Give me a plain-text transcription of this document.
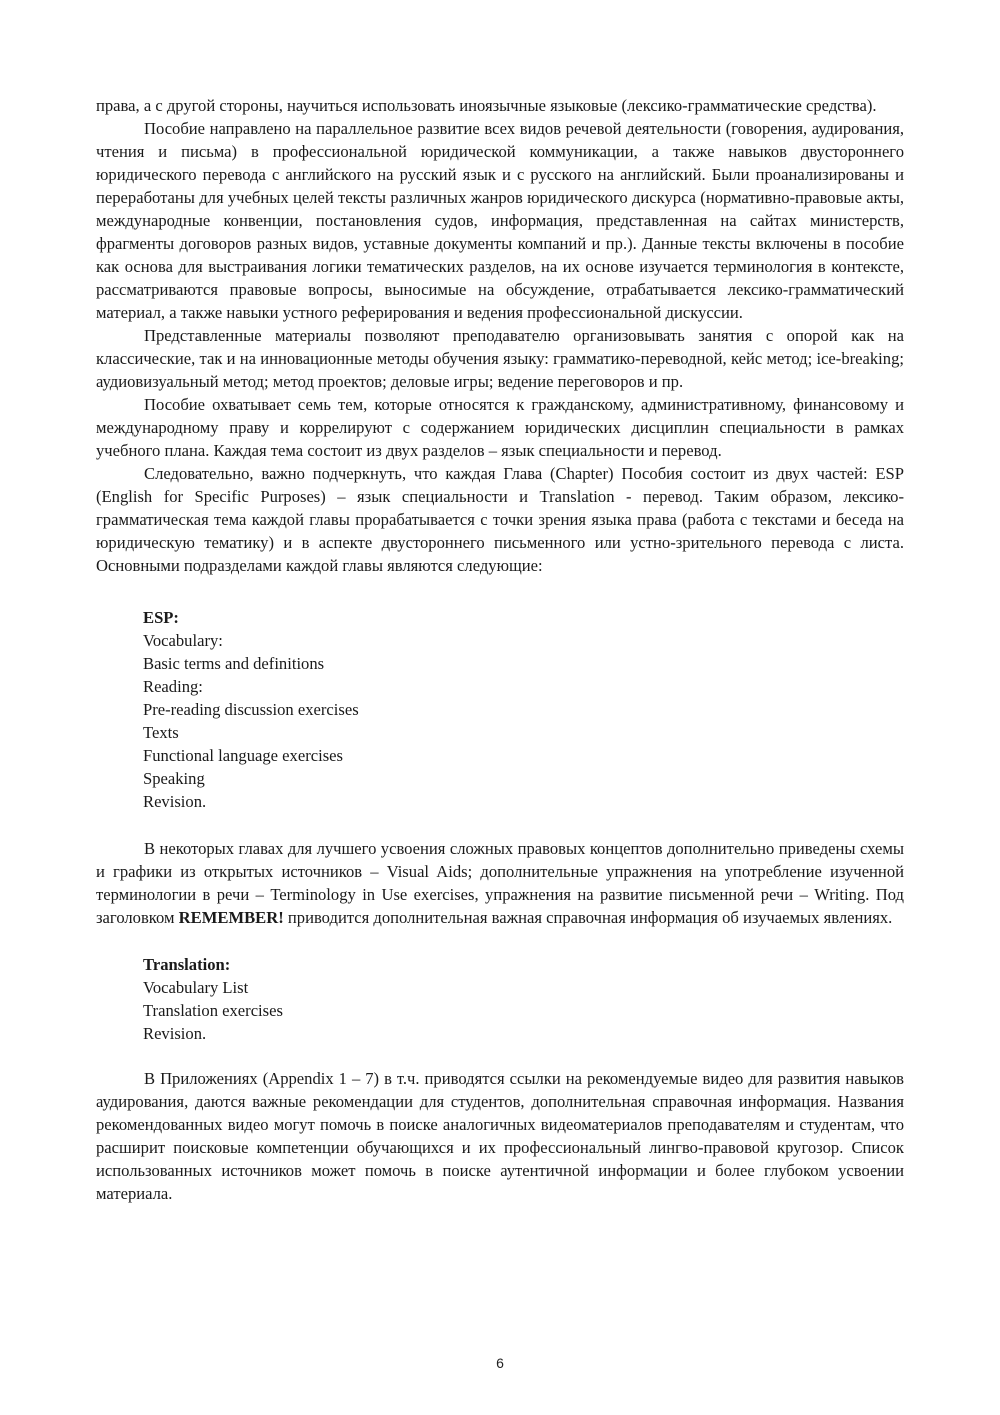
права, а с другой стороны, научиться использовать иноязычные языковые (лексико-грамматические средства).

Пособие направлено на параллельное развитие всех видов речевой деятельности (говорения, аудирования, чтения и письма) в профессиональной юридической коммуникации, а также навыков двустороннего юридического перевода с английского на русский язык и с русского на английский. Были проанализированы и переработаны для учебных целей тексты различных жанров юридического дискурса (нормативно-правовые акты, международные конвенции, постановления судов, информация, представленная на сайтах министерств, фрагменты договоров разных видов, уставные документы компаний и пр.). Данные тексты включены в пособие как основа для выстраивания логики тематических разделов, на их основе изучается терминология в контексте, рассматриваются правовые вопросы, выносимые на обсуждение, отрабатывается лексико-грамматический материал, а также навыки устного реферирования и ведения профессиональной дискуссии.

Представленные материалы позволяют преподавателю организовывать занятия с опорой как на классические, так и на инновационные методы обучения языку: грамматико-переводной, кейс метод; ice-breaking; аудиовизуальный метод; метод проектов; деловые игры; ведение переговоров и пр.

Пособие охватывает семь тем, которые относятся к гражданскому, административному, финансовому и международному праву и коррелируют с содержанием юридических дисциплин специальности в рамках учебного плана. Каждая тема состоит из двух разделов – язык специальности и перевод.

Следовательно, важно подчеркнуть, что каждая Глава (Chapter) Пособия состоит из двух частей: ESP (English for Specific Purposes) – язык специальности и Translation - перевод. Таким образом, лексико-грамматическая тема каждой главы прорабатывается с точки зрения языка права (работа с текстами и беседа на юридическую тематику) и в аспекте двустороннего письменного или устно-зрительного перевода с листа. Основными подразделами каждой главы являются следующие:

ESP:
Vocabulary:
Basic terms and definitions
Reading:
Pre-reading discussion exercises
Texts
Functional language exercises
Speaking
Revision.

В некоторых главах для лучшего усвоения сложных правовых концептов дополнительно приведены схемы и графики из открытых источников – Visual Aids; дополнительные упражнения на употребление изученной терминологии в речи – Terminology in Use exercises, упражнения на развитие письменной речи – Writing. Под заголовком REMEMBER! приводится дополнительная важная справочная информация об изучаемых явлениях.

Translation:
Vocabulary List
Translation exercises
Revision.

В Приложениях (Appendix 1 – 7) в т.ч. приводятся ссылки на рекомендуемые видео для развития навыков аудирования, даются важные рекомендации для студентов, дополнительная справочная информация. Названия рекомендованных видео могут помочь в поиске аналогичных видеоматериалов преподавателям и студентам, что расширит поисковые компетенции обучающихся и их профессиональный лингво-правовой кругозор. Список использованных источников может помочь в поиске аутентичной информации и более глубоком усвоении материала.

6
